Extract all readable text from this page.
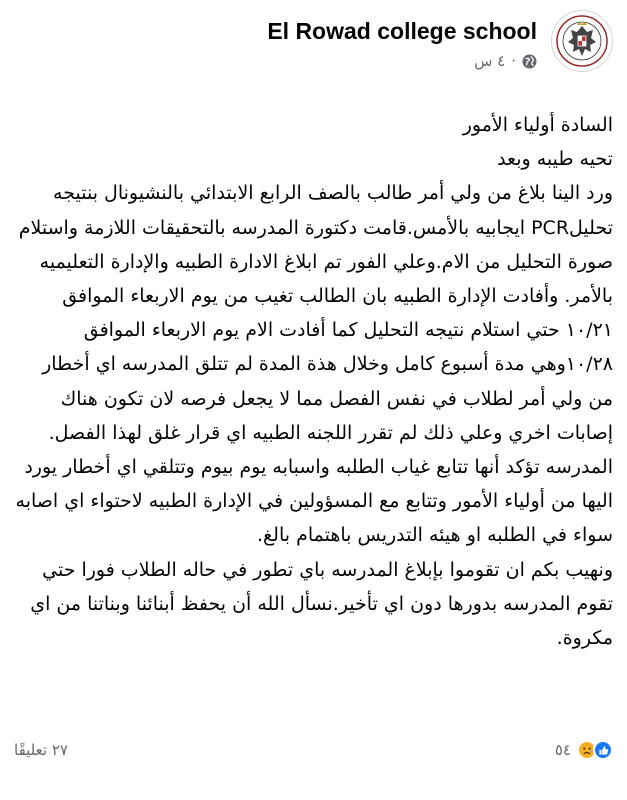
El Rowad college school
٤ س ·

السادة أولياء الأمور

تحيه طيبه وبعد

ورد الينا بلاغ من ولي أمر طالب بالصف الرابع الابتدائي بالنشيونال بنتيجه تحليلPCR ايجابيه بالأمس.قامت دكتورة المدرسه بالتحقيقات اللازمة واستلام صورة التحليل من الام.وعلي الفور تم ابلاغ الادارة الطبيه والإدارة التعليميه بالأمر. وأفادت الإدارة الطبيه بان الطالب تغيب من يوم الاربعاء الموافق ١٠/٢١ حتي استلام نتيجه التحليل كما أفادت الام يوم الاربعاء الموافق ١٠/٢٨وهي مدة أسبوع كامل وخلال هذة المدة لم تتلق المدرسه اي أخطار من ولي أمر لطلاب في نفس الفصل مما لا يجعل فرصه لان تكون هناك إصابات اخري وعلي ذلك لم تقرر اللجنه الطبيه اي قرار غلق لهذا الفصل.

المدرسه تؤكد أنها تتابع غياب الطلبه واسبابه يوم بيوم وتتلقي اي أخطار يورد اليها من أولياء الأمور وتتابع مع المسؤولين في الإدارة الطبيه لاحتواء اي اصابه سواء في الطلبه او هيئه التدريس باهتمام بالغ.

ونهيب بكم ان تقوموا بإبلاغ المدرسه باي تطور في حاله الطلاب فورا حتي تقوم المدرسه بدورها دون اي تأخير.نسأل الله أن يحفظ أبنائنا وبناتنا من اي مكروة.

٢٧ تعليقًا	٥٤
